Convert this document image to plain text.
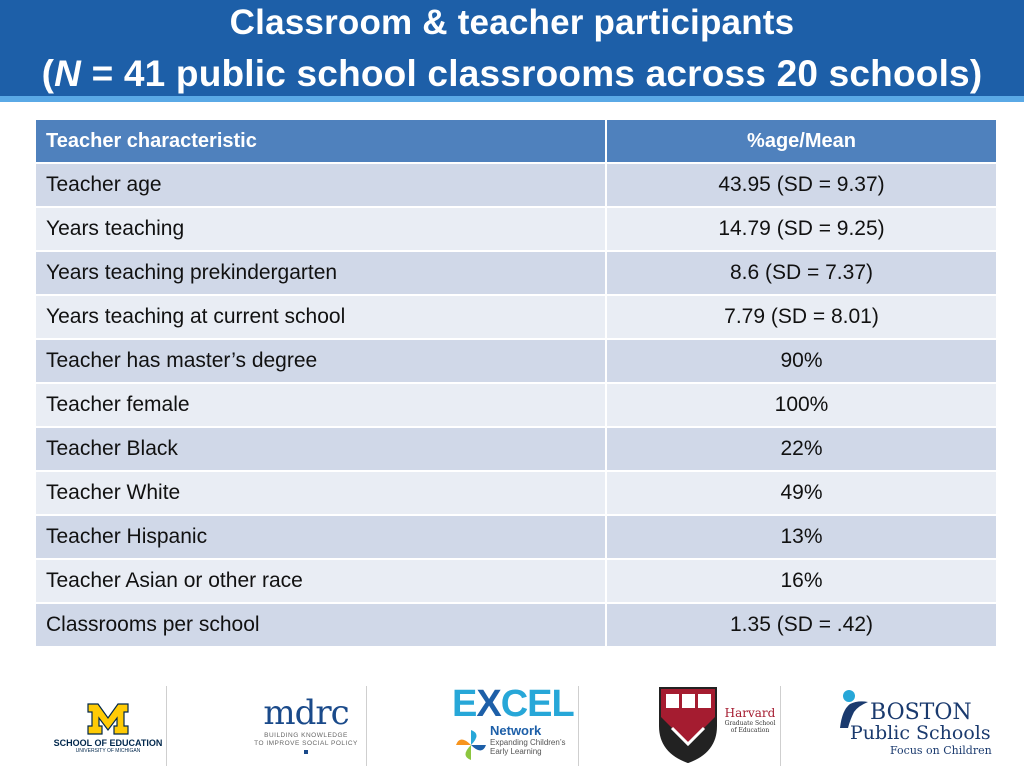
Classroom & teacher participants
(N = 41 public school classrooms across 20 schools)
Teacher characteristic	%age/Mean
Teacher age	43.95 (SD = 9.37)
Years teaching	14.79 (SD = 9.25)
Years teaching prekindergarten	8.6 (SD = 7.37)
Years teaching at current school	7.79 (SD = 8.01)
Teacher has master’s degree	90%
Teacher female	100%
Teacher Black	22%
Teacher White	49%
Teacher Hispanic	13%
Teacher Asian or other race	16%
Classrooms per school	1.35 (SD = .42)
SCHOOL OF EDUCATION
UNIVERSITY OF MICHIGAN
mdrc
BUILDING KNOWLEDGE
TO IMPROVE SOCIAL POLICY
EXCEL
Network
Expanding Children’s
Early Learning
Harvard
Graduate School
of Education
BOSTON
Public Schools
Focus on Children
